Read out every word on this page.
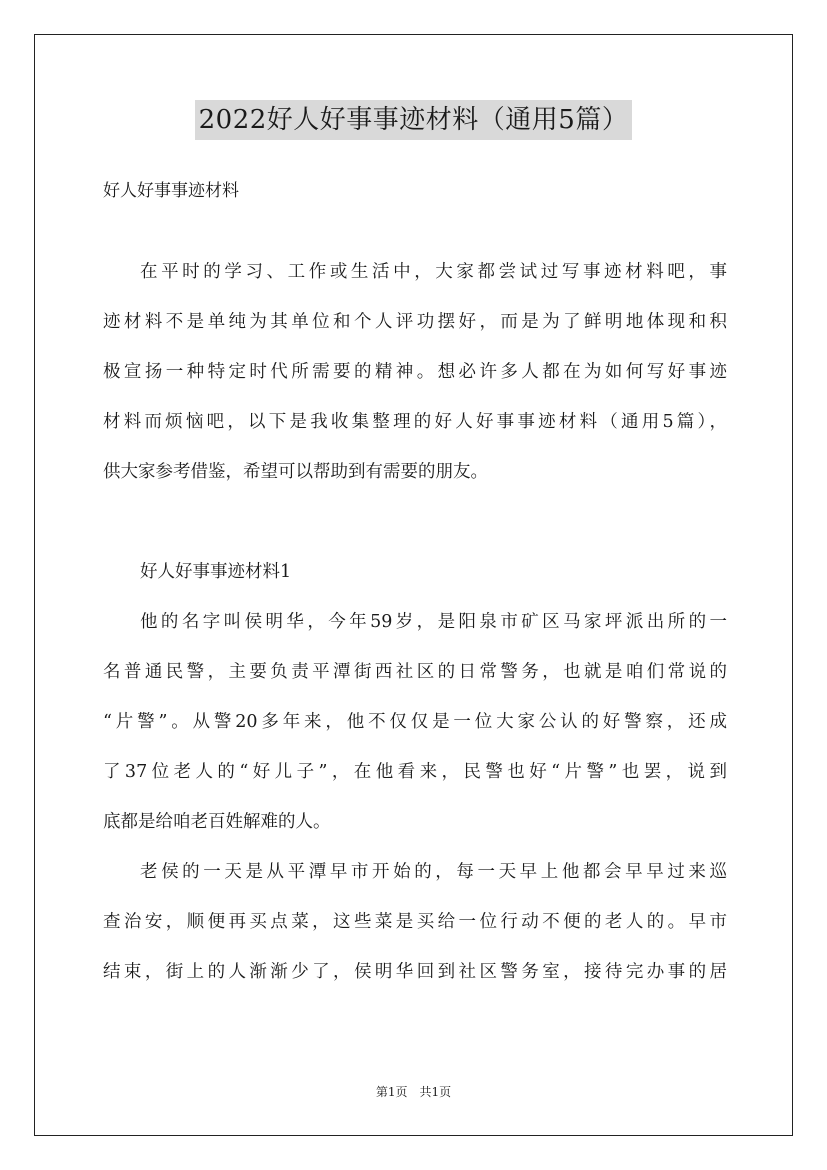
2022好人好事事迹材料（通用5篇）
好人好事事迹材料
在平时的学习、工作或生活中，大家都尝试过写事迹材料吧，事
迹材料不是单纯为其单位和个人评功摆好，而是为了鲜明地体现和积
极宣扬一种特定时代所需要的精神。想必许多人都在为如何写好事迹
材料而烦恼吧，以下是我收集整理的好人好事事迹材料（通用5篇），
供大家参考借鉴，希望可以帮助到有需要的朋友。
好人好事事迹材料1
他的名字叫侯明华，今年59岁，是阳泉市矿区马家坪派出所的一
名普通民警，主要负责平潭街西社区的日常警务，也就是咱们常说的
“片警”。从警20多年来，他不仅仅是一位大家公认的好警察，还成
了37位老人的“好儿子”，在他看来，民警也好“片警”也罢，说到
底都是给咱老百姓解难的人。
老侯的一天是从平潭早市开始的，每一天早上他都会早早过来巡
查治安，顺便再买点菜，这些菜是买给一位行动不便的老人的。早市
结束，街上的人渐渐少了，侯明华回到社区警务室，接待完办事的居
第1页　共1页
